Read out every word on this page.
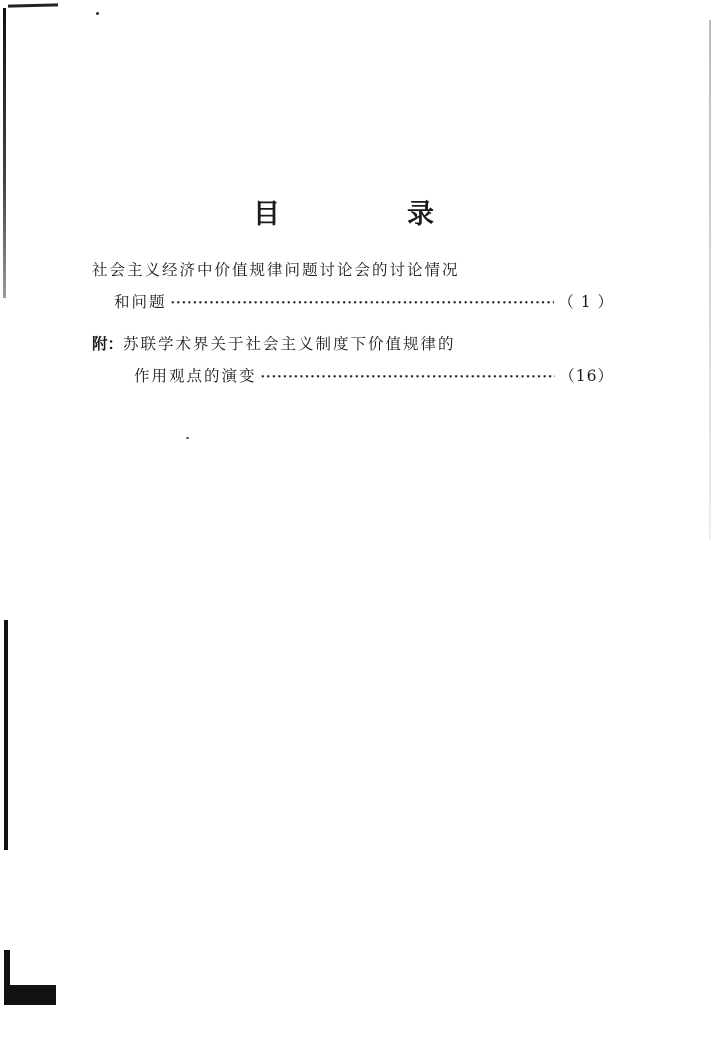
目　录
社会主义经济中价值规律问题讨论会的讨论情况
和问题 ·····	（ 1 ）
附：苏联学术界关于社会主义制度下价值规律的
作用观点的演变 ·····	（16）
